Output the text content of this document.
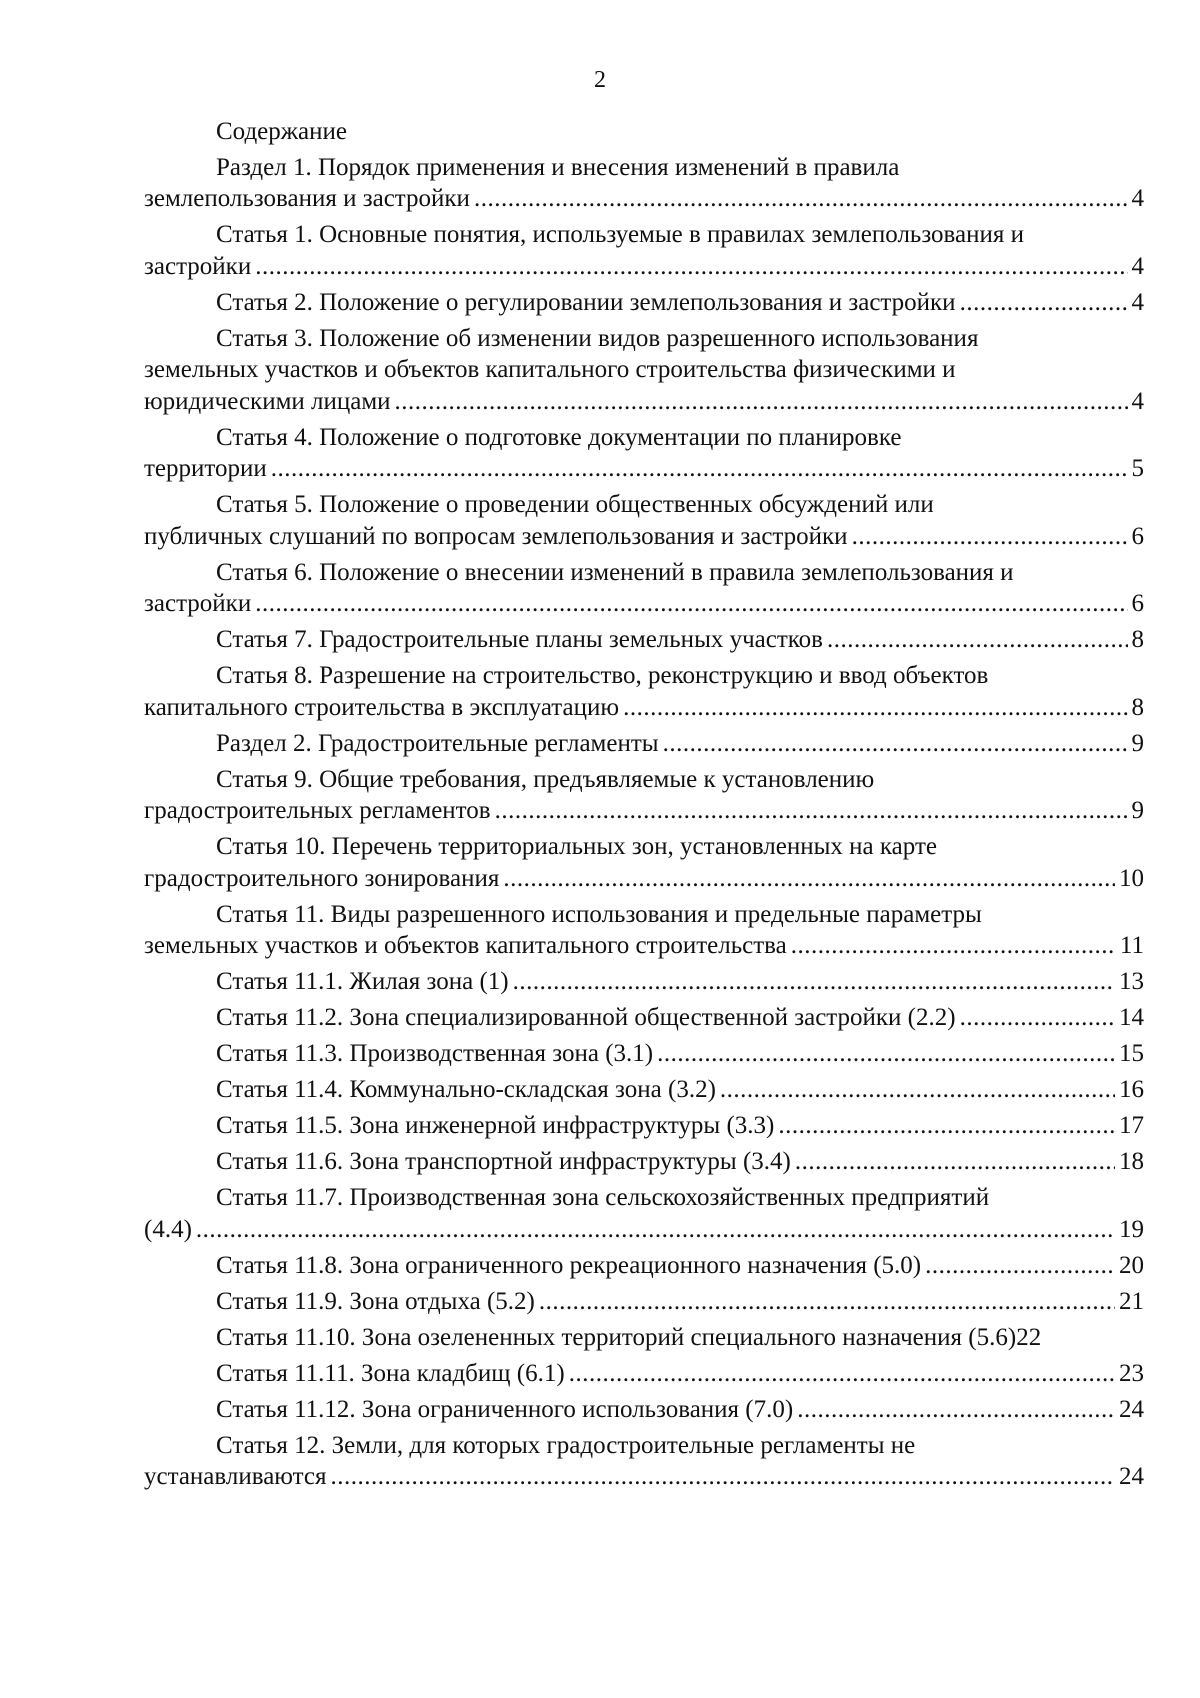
2
Содержание
Раздел 1. Порядок применения и внесения изменений в правила
землепользования и застройки .....	4
Статья 1. Основные понятия, используемые в правилах землепользования и
застройки .....	4
Статья 2. Положение о регулировании землепользования и застройки .....	4
Статья 3. Положение об изменении видов разрешенного использования
земельных участков и объектов капитального строительства физическими и
юридическими лицами .....	4
Статья 4. Положение о подготовке документации по планировке
территории .....	5
Статья 5. Положение о проведении общественных обсуждений или
публичных слушаний по вопросам землепользования и застройки .....	6
Статья 6. Положение о внесении изменений в правила землепользования и
застройки .....	6
Статья 7. Градостроительные планы земельных участков .....	8
Статья 8. Разрешение на строительство, реконструкцию и ввод объектов
капитального строительства в эксплуатацию .....	8
Раздел 2. Градостроительные регламенты .....	9
Статья 9. Общие требования, предъявляемые к установлению
градостроительных регламентов .....	9
Статья 10. Перечень территориальных зон, установленных на карте
градостроительного зонирования .....	10
Статья 11. Виды разрешенного использования и предельные параметры
земельных участков и объектов капитального строительства .....	11
Статья 11.1. Жилая зона (1) .....	13
Статья 11.2. Зона специализированной общественной застройки (2.2) .....	14
Статья 11.3. Производственная зона (3.1) .....	15
Статья 11.4. Коммунально-складская зона (3.2) .....	16
Статья 11.5. Зона инженерной инфраструктуры (3.3) .....	17
Статья 11.6. Зона транспортной инфраструктуры (3.4) .....	18
Статья 11.7. Производственная зона сельскохозяйственных предприятий
(4.4) .....	19
Статья 11.8. Зона ограниченного рекреационного назначения (5.0) .....	20
Статья 11.9. Зона отдыха (5.2) .....	21
Статья 11.10. Зона озелененных территорий специального назначения (5.6) 22
Статья 11.11. Зона кладбищ (6.1) .....	23
Статья 11.12. Зона ограниченного использования (7.0) .....	24
Статья 12. Земли, для которых градостроительные регламенты не
устанавливаются .....	24
